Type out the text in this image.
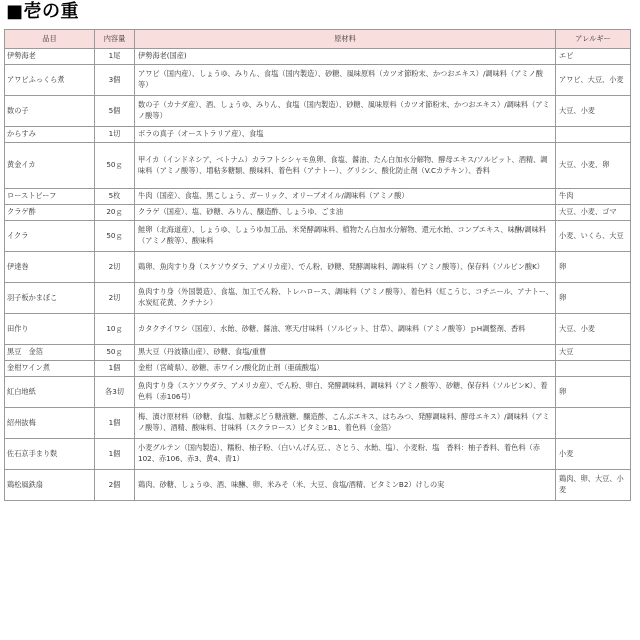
■壱の重
品目	内容量	原材料	アレルギー
伊勢海老	1尾	伊勢海老(国産)	エビ
アワビふっくら煮	3個	アワビ（国内産）、しょうゆ、みりん、食塩（国内製造）、砂糖、風味原料（カツオ節粉末、かつおエキス）/調味料（アミノ酸等）	アワビ、大豆、小麦
数の子	5個	数の子（カナダ産）、酒、しょうゆ、みりん、食塩（国内製造）、砂糖、風味原料（カツオ節粉末、かつおエキス）/調味料（アミノ酸等）	大豆、小麦
からすみ	1切	ボラの真子（オーストラリア産）、食塩	
黄金イカ	50ｇ	甲イカ（インドネシア、ベトナム）カラフトシシャモ魚卵、食塩、醤油、たん白加水分解物、酵母エキス/ソルビット、酒精、調味料（アミノ酸等）、増粘多糖類、酸味料、着色料（アナトー）、グリシン、酸化防止剤（V.Cカテキン）、香料	大豆、小麦、卵
ローストビーフ	5枚	牛肉（国産）、食塩、黒こしょう、ガーリック、オリーブオイル/調味料（アミノ酸）	牛肉
クラゲ酢	20ｇ	クラゲ（国産）、塩、砂糖、みりん、醸造酢、しょうゆ、ごま油	大豆、小麦、ゴマ
イクラ	50ｇ	鮭卵（北海道産）、しょうゆ、しょうゆ加工品、米発酵調味料、植物たん白加水分解物、還元水飴、コンブエキス、味醂/調味料（アミノ酸等）、酸味料	小麦、いくら、大豆
伊達巻	2切	鶏卵、魚肉すり身（スケソウダラ、アメリカ産）、でん粉、砂糖、発酵調味料、調味料（アミノ酸等）、保存料（ソルビン酸K）	卵
羽子板かまぼこ	2切	魚肉すり身（外国製造）、食塩、加工でん粉、トレハロース、調味料（アミノ酸等）、着色料（紅こうじ、コチニール、アナトー、水炭紅花黄、クチナシ）	卵
田作り	10ｇ	カタクチイワシ（国産）、水飴、砂糖、醤油、寒天/甘味料（ソルビット、甘草）、調味料（アミノ酸等）ｐH調整剤、香料	大豆、小麦
黒豆　金箔	50ｇ	黒大豆（丹波篠山産）、砂糖、食塩/重曹	大豆
金柑ワイン煮	1個	金柑（宮崎県）、砂糖、赤ワイン/酸化防止剤（亜硫酸塩）	
紅白地紙	各3切	魚肉すり身（スケソウダラ、アメリカ産）、でん粉、卵白、発酵調味料、調味料（アミノ酸等）、砂糖、保存料（ソルビンK）、着色料（赤106号）	卵
紹州抜梅	1個	梅、漬け原材料（砂糖、食塩、加糖ぶどう糖液糖、醸造酢、こんぶエキス、はちみつ、発酵調味料、酵母エキス）/調味料（アミノ酸等）、酒精、酸味料、甘味料（スクラロース）ビタミンB1、着色料（金箔）	
佐石京手まり麩	1個	小麦グルテン（国内製造）、糯粉、柚子粉、（白いんげん豆、、さとう、水飴、塩）、小麦粉、塩　香料：柚子香料、着色料（赤102、赤106、赤3、黄4、青1）	小麦
鶏松風鉄扇	2個	鶏肉、砂糖、しょうゆ、酒、味醂、卵、米みそ（米、大豆、食塩/酒精、ビタミンB2）けしの実	鶏肉、卵、大豆、小麦
